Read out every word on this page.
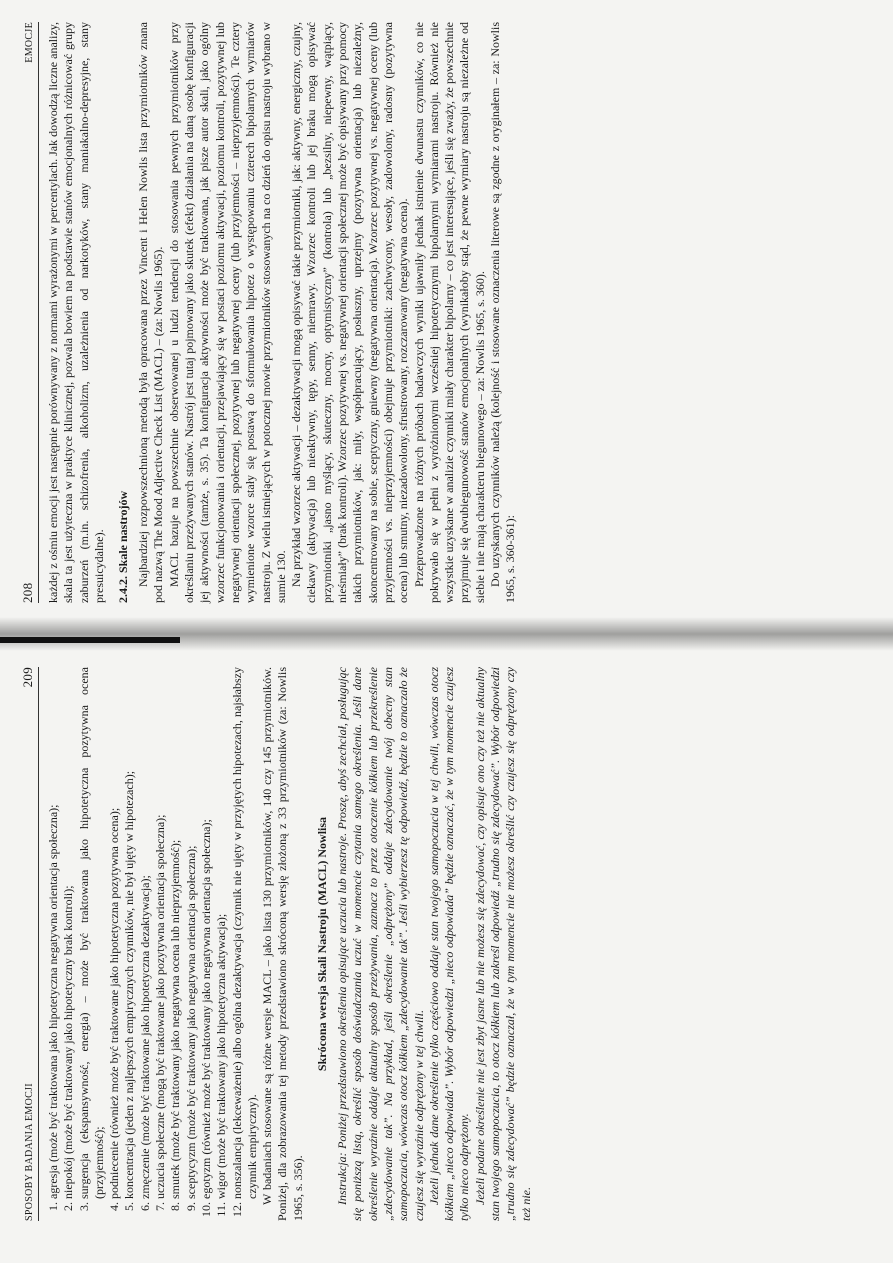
SPOSOBY BADANIA EMOCJI
209
1. agresja (może być traktowana jako hipotetyczna negatywna orientacja społeczna); 2. niepokój (może być traktowany jako hipotetyczny brak kontroli); 3. surgencja (ekspansywność, energia) – może być traktowana jako hipotetyczna pozytywna ocena (przyjemność); 4. podniecenie (również może być traktowane jako hipotetyczna pozytywna ocena); 5. koncentracja (jeden z najlepszych empirycznych czynników, nie był ujęty w hipotezach); 6. zmęczenie (może być traktowane jako hipotetyczna dezaktywacja); 7. uczucia społeczne (mogą być traktowane jako pozytywna orientacja społeczna); 8. smutek (może być traktowany jako negatywna ocena lub nieprzyjemność); 9. sceptycyzm (może być traktowany jako negatywna orientacja społeczna); 10. egotyzm (również może być traktowany jako negatywna orientacja społeczna); 11. wigor (może być traktowany jako hipotetyczna aktywacja); 12. nonszalancja (lekceważenie) albo ogólna dezaktywacja (czynnik nie ujęty w przyjętych hipotezach, najsłabszy czynnik empiryczny). W badaniach stosowane są różne wersje MACL – jako lista 130 przymiotników, 140 czy 145 przymiotników. Poniżej, dla zobrazowania tej metody przedstawiono skróconą wersję złożoną z 33 przymiotników (za: Nowlis 1965, s. 356).

Skrócona wersja Skali Nastroju (MACL) Nowlisa Instrukcja: Poniżej przedstawiono określenia opisujące uczucia lub nastroje. Proszę, abyś zechciał, posługując się poniższą listą, określić sposób doświadczania uczuć w momencie czytania samego określenia. Jeśli dane określenie wyraźnie oddaje aktualny sposób przeżywania, zaznacz to przez otoczenie kółkiem lub przekreślenie „zdecydowanie tak”. Na przykład, jeśli określenie „odprężony” oddaje zdecydowanie twój obecny stan samopoczucia, wówczas otocz kółkiem „zdecydowanie tak”. Jeśli wybierzesz tę odpowiedź, będzie to oznaczało że czujesz się wyraźnie odprężony w tej chwili. Jeżeli jednak dane określenie tylko częściowo oddaje stan twojego samopoczucia w tej chwili, wówczas otocz kółkiem „nieco odpowiada”. Wybór odpowiedzi „nieco odpowiada” będzie oznaczać, że w tym momencie czujesz tylko nieco odprężony. Jeżeli podane określenie nie jest zbyt jasne lub nie możesz się zdecydować, czy opisuje ono czy też nie aktualny stan twojego samopoczucia, to otocz kółkiem lub zakreśl odpowiedź „trudno się zdecydować”. Wybór odpowiedzi „trudno się zdecydować” będzie oznaczał, że w tym momencie nie możesz określić czy czujesz się odprężony czy też nie.

208
EMOCJE każdej z ośmiu emocji jest następnie porównywany z normami wyrażonymi w percentylach. Jak dowodzą liczne analizy, skala ta jest użyteczna w praktyce klinicznej, pozwala bowiem na podstawie stanów emocjonalnych różnicować grupy zaburzeń (m.in. schizofrenia, alkoholizm, uzależnienia od narkotyków, stany maniakalno-depresyjne, stany presuicydalne). 2.4.2. Skale nastrojów Najbardziej rozpowszechnioną metodą była opracowana przez Vincent i Helen Nowlis lista przymiotników znana pod nazwą The Mood Adjective Check List (MACL) – (za: Nowlis 1965). MACL bazuje na powszechnie obserwowanej u ludzi tendencji do stosowania pewnych przymiotników przy określaniu przeżywanych stanów. Nastrój jest tutaj pojmowany jako skutek (efekt) działania na daną osobę konfiguracji jej aktywności (tamże, s. 35). Ta konfiguracja aktywności może być traktowana, jak pisze autor skali, jako ogólny wzorzec funkcjonowania i orientacji, przejawiający się w postaci poziomu aktywacji, poziomu kontroli, pozytywnej lub negatywnej orientacji społecznej, pozytywnej lub negatywnej oceny (lub przyjemności – nieprzyjemności). Te cztery wymienione wzorce stały się postawą do sformułowania hipotez o występowaniu czterech bipolarnych wymiarów nastroju. Z wielu istniejących w potocznej mowie przymiotników stosowanych na co dzień do opisu nastroju wybrano w sumie 130. Na przykład wzorzec aktywacji – dezaktywacji mogą opisywać takie przymiotniki, jak: aktywny, energiczny, czujny, ciekawy (aktywacja) lub nieaktywny, tępy, senny, niemrawy. Wzorzec kontroli lub jej braku mogą opisywać przymiotniki „jasno myślący, skuteczny, mocny, optymistyczny” (kontrola) lub „bezsilny, niepewny, wątpiący, nieśmiały” (brak kontroli). Wzorzec pozytywnej vs. negatywnej orientacji społecznej może być opisywany przy pomocy takich przymiotników, jak: miły, współpracujący, posłuszny, uprzejmy (pozytywna orientacja) lub niezależny, skoncentrowany na sobie, sceptyczny, gniewny (negatywna orientacja). Wzorzec pozytywnej vs. negatywnej oceny (lub przyjemności vs. nieprzyjemności) obejmuje przymiotniki: zachwycony, wesoły, zadowolony, radosny (pozytywna ocena) lub smutny, niezadowolony, sfrustrowany, rozczarowany (negatywna ocena). Przeprowadzone na różnych próbach badawczych wyniki ujawniły jednak istnienie dwunastu czynników, co nie pokrywało się w pełni z wyróżnionymi wcześniej hipotetycznymi bipolarnymi wymiarami nastroju. Również nie wszystkie uzyskane w analizie czynniki miały charakter bipolarny – co jest interesujące, jeśli się zważy, że powszechnie przyjmuje się dwubiegunowość stanów emocjonalnych (wynikałoby stąd, że pewne wymiary nastroju są niezależne od siebie i nie mają charakteru biegunowego – za: Nowlis 1965, s. 360). Do uzyskanych czynników należą (kolejność i stosowane oznaczenia literowe są zgodne z oryginałem – za: Nowlis 1965, s. 360-361):
